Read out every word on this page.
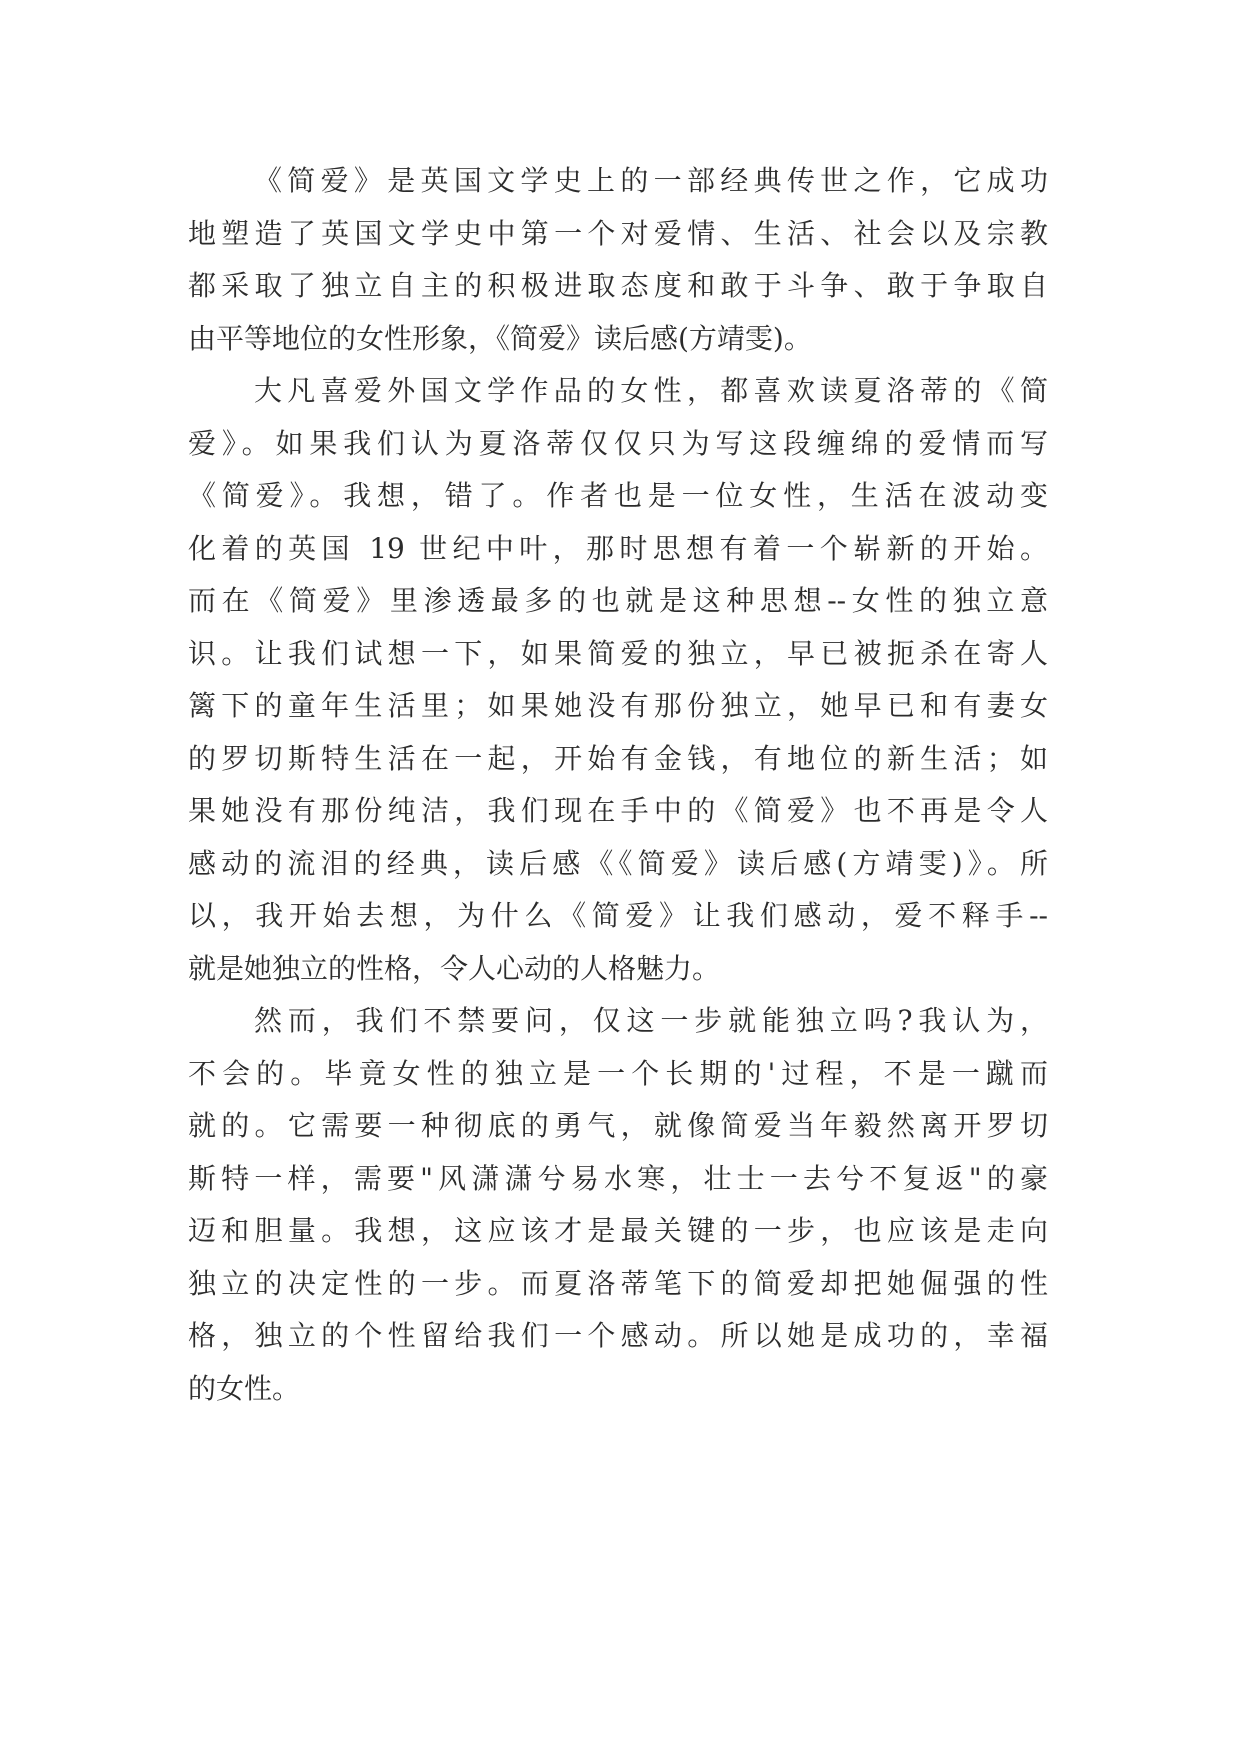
《简爱》是英国文学史上的一部经典传世之作，它成功
地塑造了英国文学史中第一个对爱情、生活、社会以及宗教
都采取了独立自主的积极进取态度和敢于斗争、敢于争取自
由平等地位的女性形象，《简爱》读后感(方靖雯)。

大凡喜爱外国文学作品的女性，都喜欢读夏洛蒂的《简
爱》。如果我们认为夏洛蒂仅仅只为写这段缠绵的爱情而写
《简爱》。我想，错了。作者也是一位女性，生活在波动变
化着的英国 19 世纪中叶，那时思想有着一个崭新的开始。
而在《简爱》里渗透最多的也就是这种思想--女性的独立意
识。让我们试想一下，如果简爱的独立，早已被扼杀在寄人
篱下的童年生活里；如果她没有那份独立，她早已和有妻女
的罗切斯特生活在一起，开始有金钱，有地位的新生活；如
果她没有那份纯洁，我们现在手中的《简爱》也不再是令人
感动的流泪的经典，读后感《《简爱》读后感(方靖雯)》。所
以，我开始去想，为什么《简爱》让我们感动，爱不释手--
就是她独立的性格，令人心动的人格魅力。

然而，我们不禁要问，仅这一步就能独立吗?我认为，
不会的。毕竟女性的独立是一个长期的'过程，不是一蹴而
就的。它需要一种彻底的勇气，就像简爱当年毅然离开罗切
斯特一样，需要"风潇潇兮易水寒，壮士一去兮不复返"的豪
迈和胆量。我想，这应该才是最关键的一步，也应该是走向
独立的决定性的一步。而夏洛蒂笔下的简爱却把她倔强的性
格，独立的个性留给我们一个感动。所以她是成功的，幸福
的女性。
